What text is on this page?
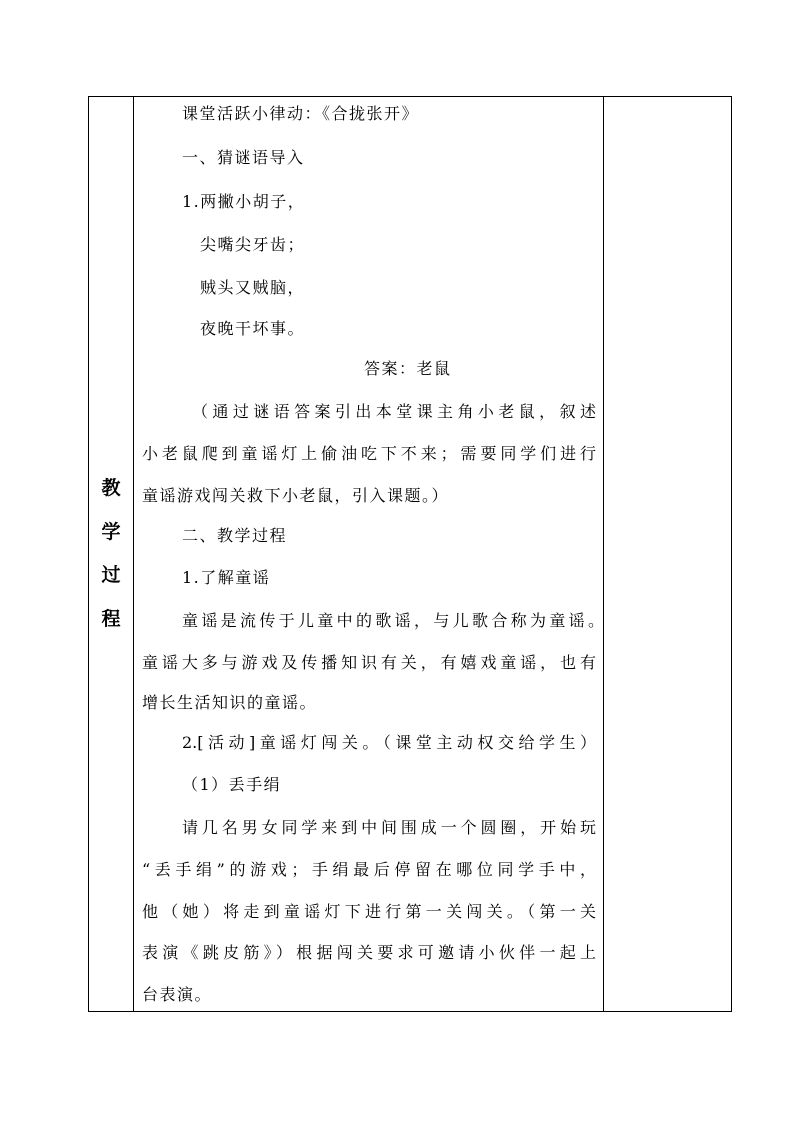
教
学
过
程
课堂活跃小律动：《合拢张开》
一、猜谜语导入
1.两撇小胡子，
尖嘴尖牙齿；
贼头又贼脑，
夜晚干坏事。
答案：老鼠
（通过谜语答案引出本堂课主角小老鼠，叙述
小老鼠爬到童谣灯上偷油吃下不来；需要同学们进行
童谣游戏闯关救下小老鼠，引入课题。）
二、教学过程
1.了解童谣
童谣是流传于儿童中的歌谣，与儿歌合称为童谣。
童谣大多与游戏及传播知识有关，有嬉戏童谣，也有
增长生活知识的童谣。
2.[活动]童谣灯闯关。（课堂主动权交给学生）
（1）丢手绢
请几名男女同学来到中间围成一个圆圈，开始玩
“丢手绢”的游戏；手绢最后停留在哪位同学手中，
他（她）将走到童谣灯下进行第一关闯关。（第一关
表演《跳皮筋》）根据闯关要求可邀请小伙伴一起上
台表演。
